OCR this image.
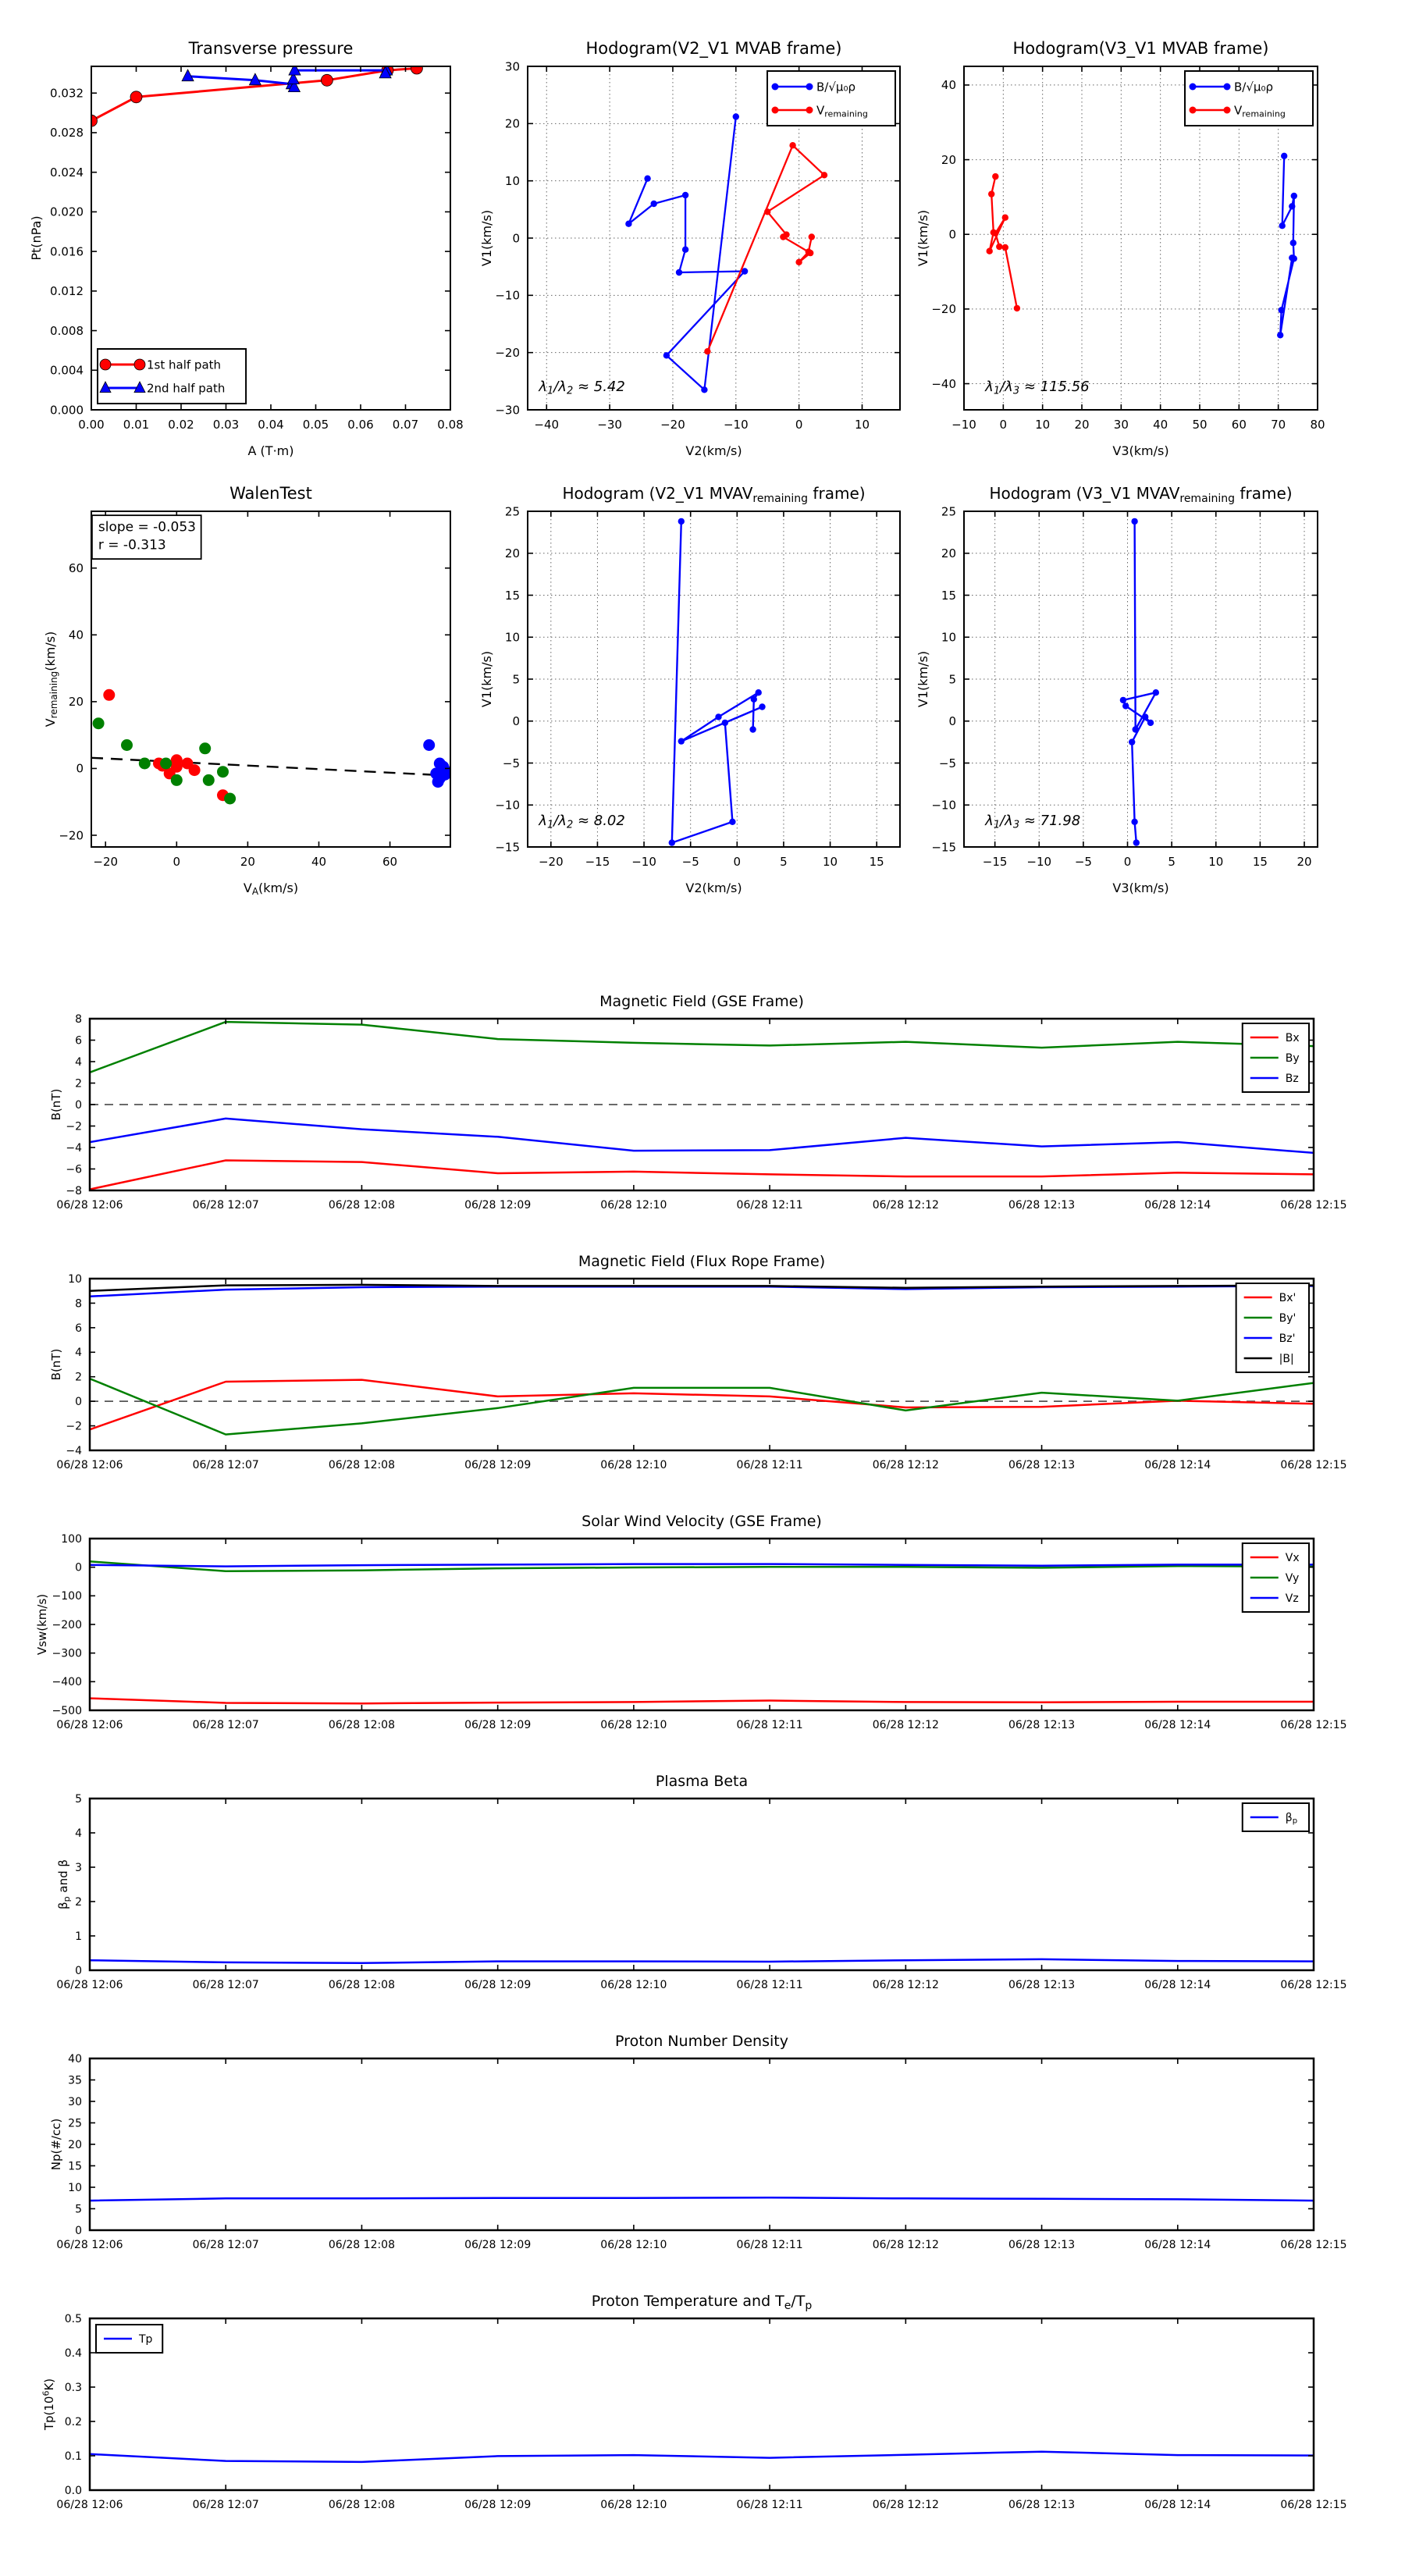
0.00 0.01 0.02 0.03 0.04 0.05 0.06 0.07 0.08
0.000
0.004
0.008
0.012
0.016
0.020
0.024
0.028
0.032
Transverse pressure
A (T·m)
Pt(nPa)
1st half path
2nd half path
−40	−30	−20	−10	0	10
−30
−20
−10
0
10
20
30
Hodogram(V2_V1 MVAB frame)
V2(km/s)
V1(km/s)
B/√μ₀ρ
$V_{remaining}$
$\lambda_1/\lambda_2 \approx 5.42$
−10 0 10 20 30 40 50 60 70 80
−40
−20
0
20
40
Hodogram(V3_V1 MVAB frame)
V3(km/s)
V1(km/s)
B/√μ₀ρ
$V_{remaining}$
$\lambda_1/\lambda_3 \approx 115.56$
−20	0	20	40	60
−20
0
20
40
60
WalenTest
$V_A(km/s)$
$V_{remaining}(km/s)$
slope = -0.053
r = -0.313
−20 −15 −10 −5	0	5	10	15
−15
−10
−5
0
5
10
15
20
25
Hodogram (V2_V1 $MVAV_{remaining}$ frame)
V2(km/s)
V1(km/s)
$\lambda_1/\lambda_2 \approx 8.02$
−15 −10 −5	0	5	10	15	20
−15
−10
−5
0
5
10
15
20
25
Hodogram (V3_V1 $MVAV_{remaining}$ frame)
V3(km/s)
V1(km/s)
$\lambda_1/\lambda_3 \approx 71.98$
06/28 12:06	06/28 12:07	06/28 12:08	06/28 12:09	06/28 12:10	06/28 12:11	06/28 12:12	06/28 12:13	06/28 12:14	06/28 12:15
−8
−6
−4
−2
0
2
4
6
8
Magnetic Field (GSE Frame)
B(nT)
Bx
By
Bz
06/28 12:06	06/28 12:07	06/28 12:08	06/28 12:09	06/28 12:10	06/28 12:11	06/28 12:12	06/28 12:13	06/28 12:14	06/28 12:15
−4
−2
0
2
4
6
8
10
Magnetic Field (Flux Rope Frame)
B(nT)
Bx'
By'
Bz'
|B|
06/28 12:06	06/28 12:07	06/28 12:08	06/28 12:09	06/28 12:10	06/28 12:11	06/28 12:12	06/28 12:13	06/28 12:14	06/28 12:15
−500
−400
−300
−200
−100
0
100
Solar Wind Velocity (GSE Frame)
Vsw(km/s)
Vx
Vy
Vz
06/28 12:06	06/28 12:07	06/28 12:08	06/28 12:09	06/28 12:10	06/28 12:11	06/28 12:12	06/28 12:13	06/28 12:14	06/28 12:15
0
1
2
3
4
5
Plasma Beta
$\beta_p$ and β
βp
06/28 12:06	06/28 12:07	06/28 12:08	06/28 12:09	06/28 12:10	06/28 12:11	06/28 12:12	06/28 12:13	06/28 12:14	06/28 12:15
0
5
10
15
20
25
30
35
40
Proton Number Density
Np(#/cc)
06/28 12:06	06/28 12:07	06/28 12:08	06/28 12:09	06/28 12:10	06/28 12:11	06/28 12:12	06/28 12:13	06/28 12:14	06/28 12:15
0.0
0.1
0.2
0.3
0.4
0.5
Proton Temperature and Te/Tp
$Tp(10^6K)$
Tp
